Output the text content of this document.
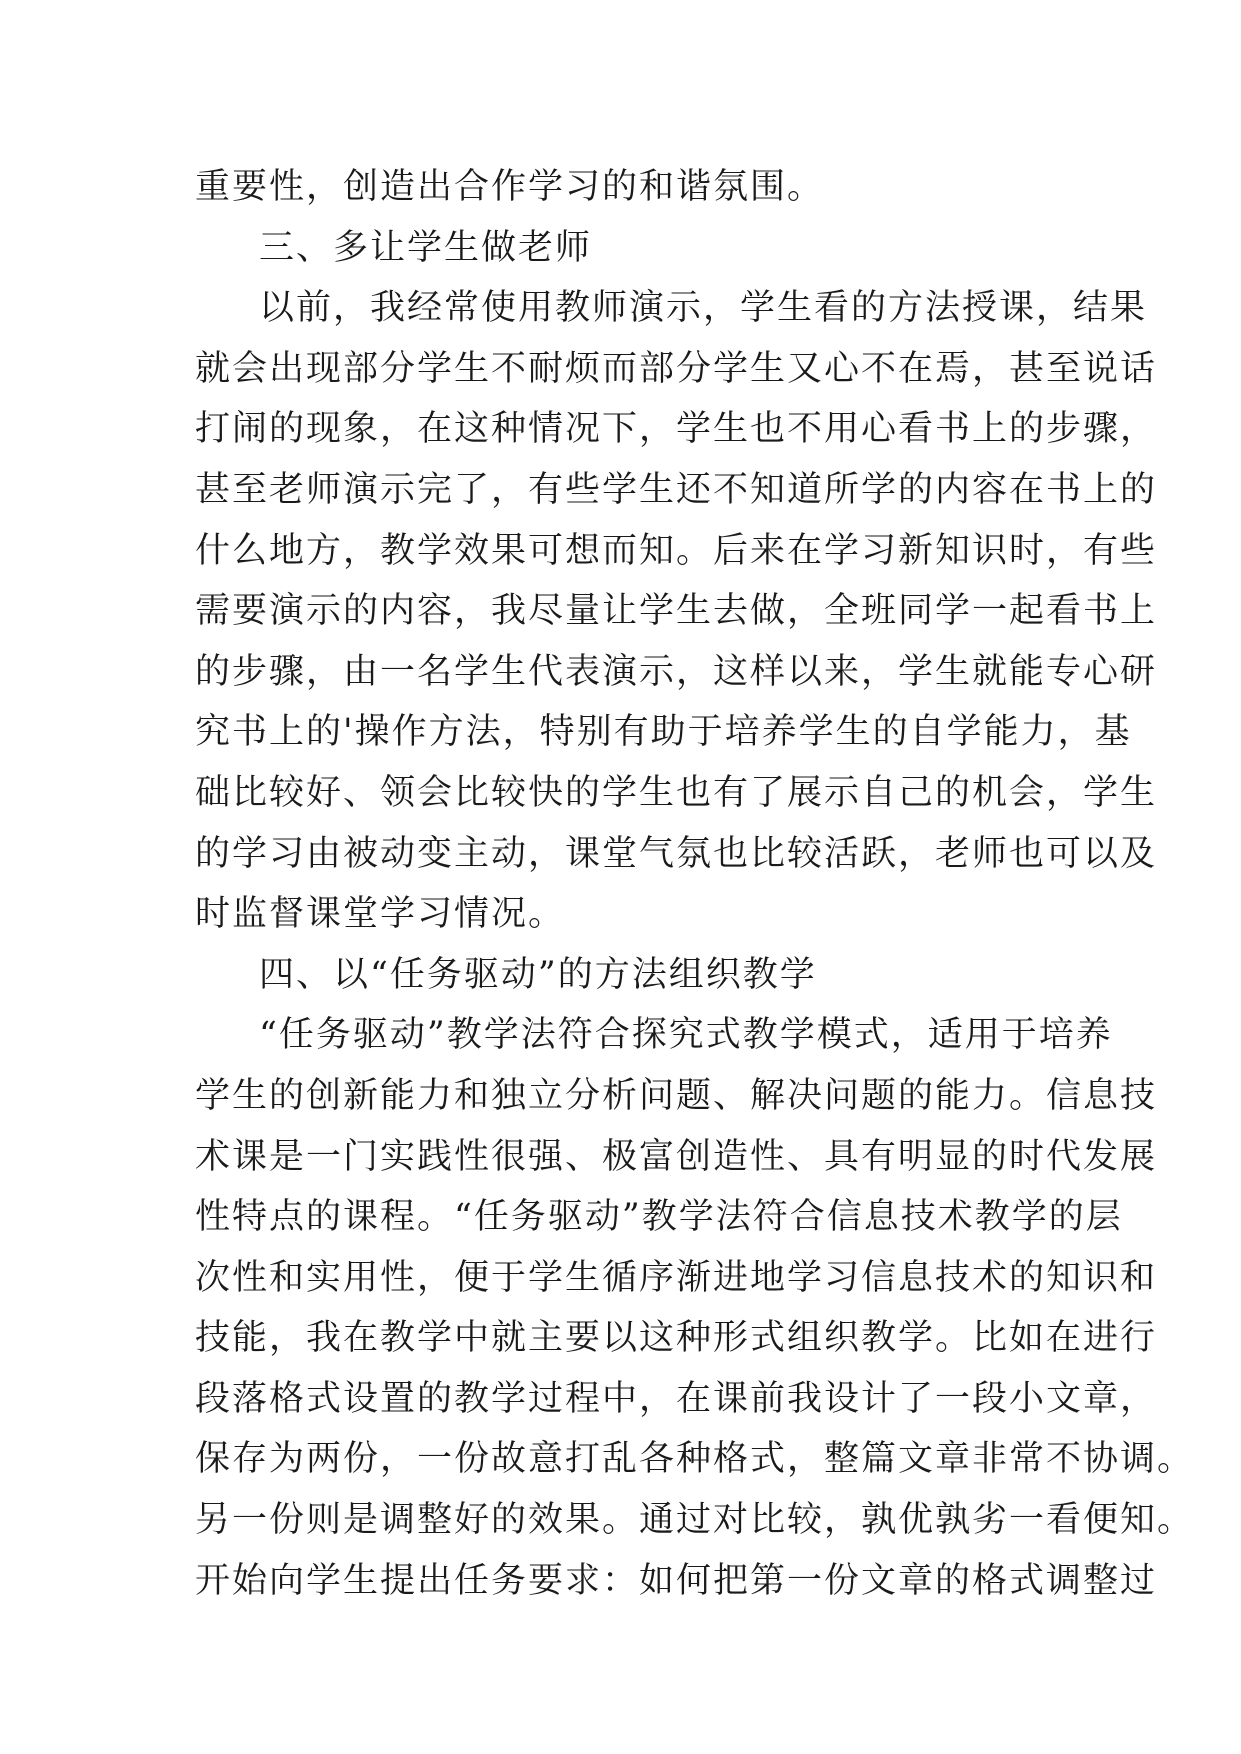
重要性，创造出合作学习的和谐氛围。
三、多让学生做老师
以前，我经常使用教师演示，学生看的方法授课，结果
就会出现部分学生不耐烦而部分学生又心不在焉，甚至说话
打闹的现象，在这种情况下，学生也不用心看书上的步骤，
甚至老师演示完了，有些学生还不知道所学的内容在书上的
什么地方，教学效果可想而知。后来在学习新知识时，有些
需要演示的内容，我尽量让学生去做，全班同学一起看书上
的步骤，由一名学生代表演示，这样以来，学生就能专心研
究书上的'操作方法，特别有助于培养学生的自学能力，基
础比较好、领会比较快的学生也有了展示自己的机会，学生
的学习由被动变主动，课堂气氛也比较活跃，老师也可以及
时监督课堂学习情况。
四、以“任务驱动”的方法组织教学
“任务驱动”教学法符合探究式教学模式，适用于培养
学生的创新能力和独立分析问题、解决问题的能力。信息技
术课是一门实践性很强、极富创造性、具有明显的时代发展
性特点的课程。“任务驱动”教学法符合信息技术教学的层
次性和实用性，便于学生循序渐进地学习信息技术的知识和
技能，我在教学中就主要以这种形式组织教学。比如在进行
段落格式设置的教学过程中，在课前我设计了一段小文章，
保存为两份，一份故意打乱各种格式，整篇文章非常不协调。
另一份则是调整好的效果。通过对比较，孰优孰劣一看便知。
开始向学生提出任务要求：如何把第一份文章的格式调整过
